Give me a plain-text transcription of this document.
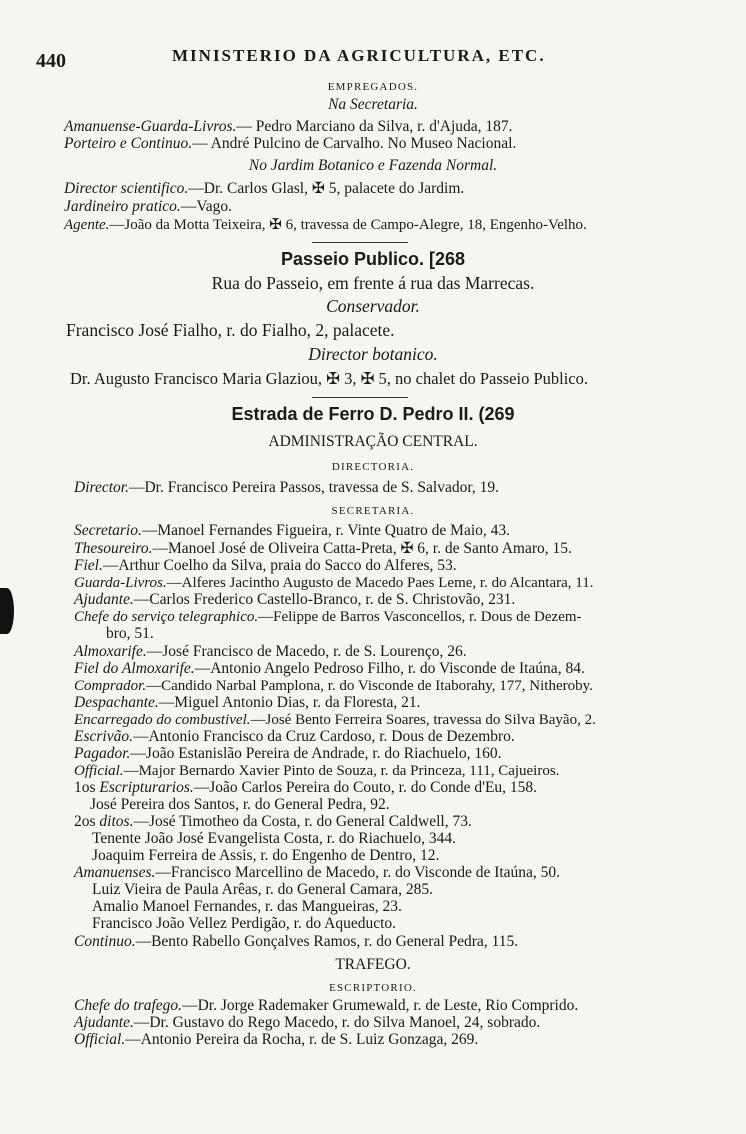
440	MINISTERIO DA AGRICULTURA, ETC.
EMPREGADOS.
Na Secretaria.
Amanuense-Guarda-Livros.— Pedro Marciano da Silva, r. d'Ajuda, 187.
Porteiro e Continuo.— André Pulcino de Carvalho. No Museo Nacional.
No Jardim Botanico e Fazenda Normal.
Director scientifico.—Dr. Carlos Glasl, ✠ 5, palacete do Jardim.
Jardineiro pratico.—Vago.
Agente.—João da Motta Teixeira, ✠ 6, travessa de Campo-Alegre, 18, Engenho-Velho.
Passeio Publico. [268
Rua do Passeio, em frente á rua das Marrecas.
Conservador.
Francisco José Fialho, r. do Fialho, 2, palacete.
Director botanico.
Dr. Augusto Francisco Maria Glaziou, ✠ 3, ✠ 5, no chalet do Passeio Publico.
Estrada de Ferro D. Pedro II. (269
ADMINISTRAÇÃO CENTRAL.
DIRECTORIA.
Director.—Dr. Francisco Pereira Passos, travessa de S. Salvador, 19.
SECRETARIA.
Secretario.—Manoel Fernandes Figueira, r. Vinte Quatro de Maio, 43.
Thesoureiro.—Manoel José de Oliveira Catta-Preta, ✠ 6, r. de Santo Amaro, 15.
Fiel.—Arthur Coelho da Silva, praia do Sacco do Alferes, 53.
Guarda-Livros.—Alferes Jacintho Augusto de Macedo Paes Leme, r. do Alcantara, 11.
Ajudante.—Carlos Frederico Castello-Branco, r. de S. Christovão, 231.
Chefe do serviço telegraphico.—Felippe de Barros Vasconcellos, r. Dous de Dezem-
bro, 51.
Almoxarife.—José Francisco de Macedo, r. de S. Lourenço, 26.
Fiel do Almoxarife.—Antonio Angelo Pedroso Filho, r. do Visconde de Itaúna, 84.
Comprador.—Candido Narbal Pamplona, r. do Visconde de Itaborahy, 177, Nitheroby.
Despachante.—Miguel Antonio Dias, r. da Floresta, 21.
Encarregado do combustivel.—José Bento Ferreira Soares, travessa do Silva Bayão, 2.
Escrivão.—Antonio Francisco da Cruz Cardoso, r. Dous de Dezembro.
Pagador.—João Estanislão Pereira de Andrade, r. do Riachuelo, 160.
Official.—Major Bernardo Xavier Pinto de Souza, r. da Princeza, 111, Cajueiros.
1os Escripturarios.—João Carlos Pereira do Couto, r. do Conde d'Eu, 158.
José Pereira dos Santos, r. do General Pedra, 92.
2os ditos.—José Timotheo da Costa, r. do General Caldwell, 73.
Tenente João José Evangelista Costa, r. do Riachuelo, 344.
Joaquim Ferreira de Assis, r. do Engenho de Dentro, 12.
Amanuenses.—Francisco Marcellino de Macedo, r. do Visconde de Itaúna, 50.
Luiz Vieira de Paula Arêas, r. do General Camara, 285.
Amalio Manoel Fernandes, r. das Mangueiras, 23.
Francisco João Vellez Perdigão, r. do Aqueducto.
Continuo.—Bento Rabello Gonçalves Ramos, r. do General Pedra, 115.
TRAFEGO.
ESCRIPTORIO.
Chefe do trafego.—Dr. Jorge Rademaker Grumewald, r. de Leste, Rio Comprido.
Ajudante.—Dr. Gustavo do Rego Macedo, r. do Silva Manoel, 24, sobrado.
Official.—Antonio Pereira da Rocha, r. de S. Luiz Gonzaga, 269.
